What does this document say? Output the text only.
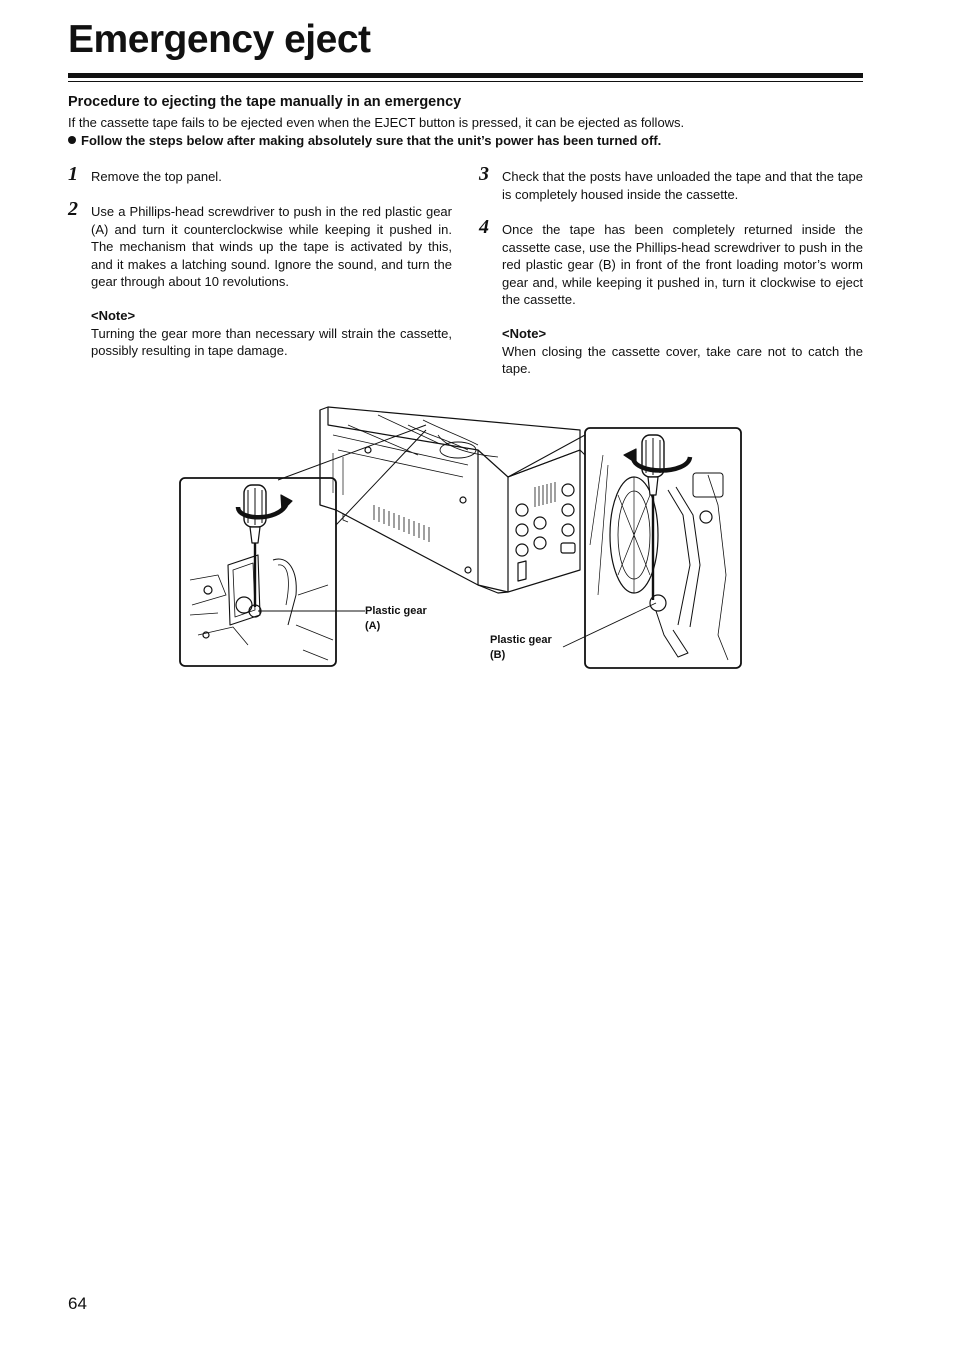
Emergency eject
Procedure to ejecting the tape manually in an emergency

If the cassette tape fails to be ejected even when the EJECT button is pressed, it can be ejected as follows.

Follow the steps below after making absolutely sure that the unit’s power has been turned off.

1 Remove the top panel.

2 Use a Phillips-head screwdriver to push in the red plastic gear (A) and turn it counterclockwise while keeping it pushed in. The mechanism that winds up the tape is activated by this, and it makes a latching sound. Ignore the sound, and turn the gear through about 10 revolutions.

<Note>

Turning the gear more than necessary will strain the cassette, possibly resulting in tape damage.

3 Check that the posts have unloaded the tape and that the tape is completely housed inside the cassette.

4 Once the tape has been completely returned inside the cassette case, use the Phillips-head screwdriver to push in the red plastic gear (B) in front of the front loading motor’s worm gear and, while keeping it pushed in, turn it clockwise to eject the cassette.

<Note>

When closing the cassette cover, take care not to catch the tape.

Plastic gear
(A)
Plastic gear
(B)

64
